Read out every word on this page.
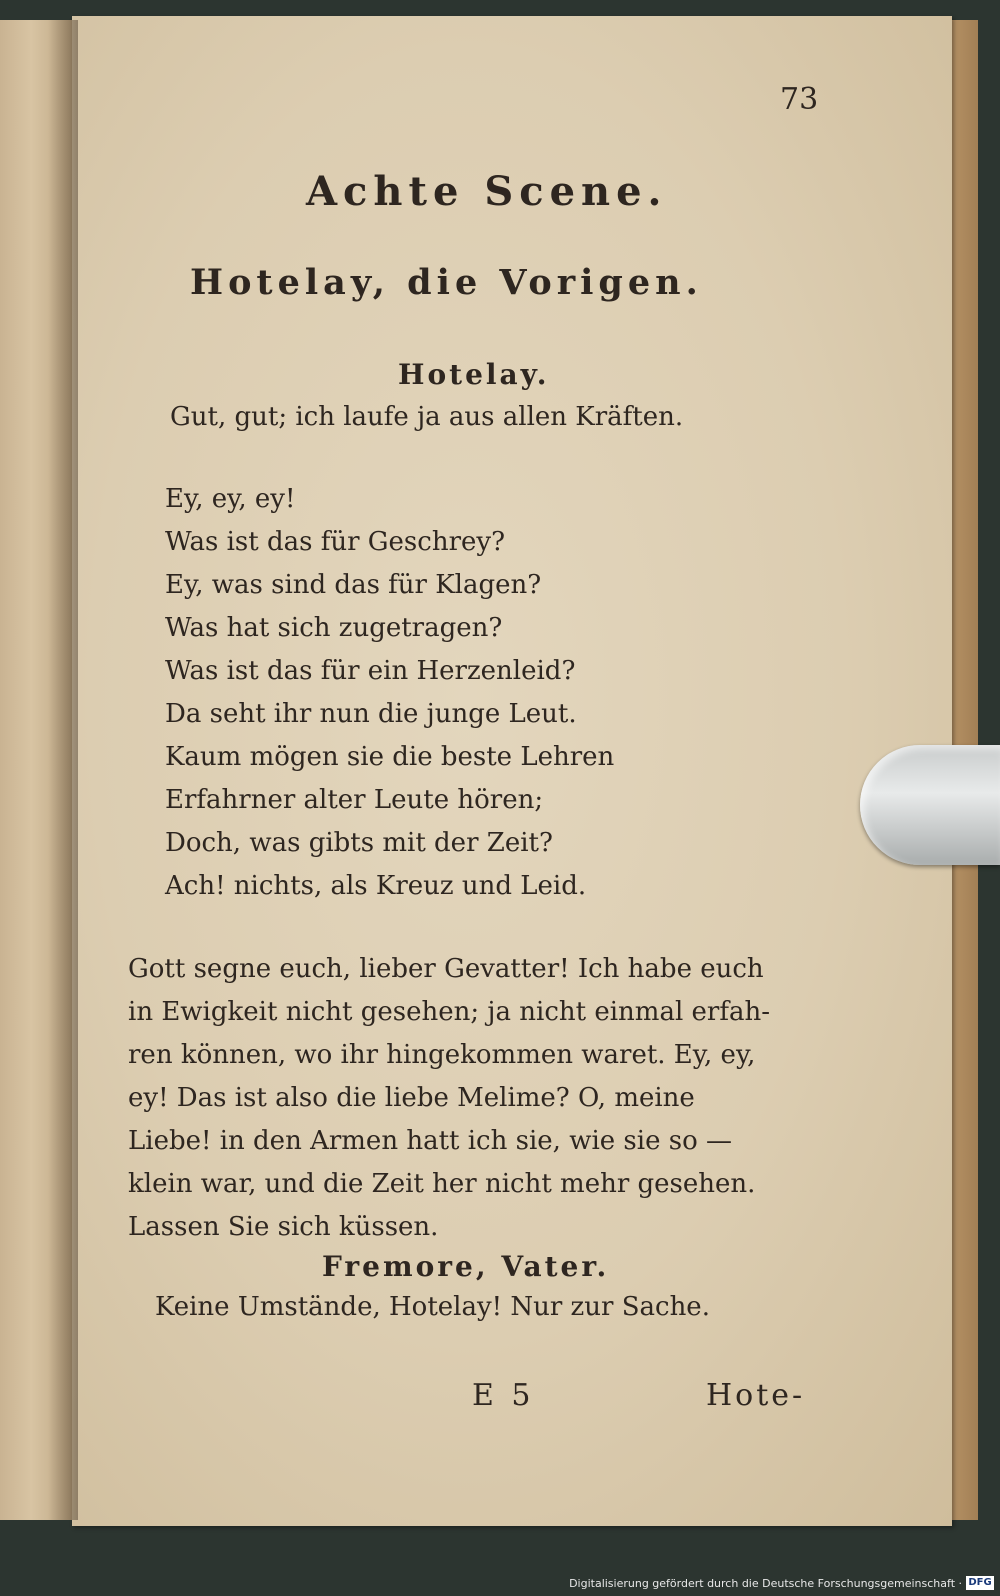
73
Achte Scene.
Hotelay, die Vorigen.
Hotelay.
Gut, gut; ich laufe ja aus allen Kräften.
Ey, ey, ey!
Was ist das für Geschrey?
Ey, was sind das für Klagen?
Was hat sich zugetragen?
Was ist das für ein Herzenleid?
Da seht ihr nun die junge Leut.
Kaum mögen sie die beste Lehren
Erfahrner alter Leute hören;
Doch, was gibts mit der Zeit?
Ach! nichts, als Kreuz und Leid.
Gott segne euch, lieber Gevatter! Ich habe euch
in Ewigkeit nicht gesehen; ja nicht einmal erfah-
ren können, wo ihr hingekommen waret. Ey, ey,
ey! Das ist also die liebe Melime? O, meine
Liebe! in den Armen hatt ich sie, wie sie so —
klein war, und die Zeit her nicht mehr gesehen.
Lassen Sie sich küssen.
Fremore, Vater.
Keine Umstände, Hotelay! Nur zur Sache.
E 5	Hote-
Digitalisierung gefördert durch die Deutsche Forschungsgemeinschaft · DFG
